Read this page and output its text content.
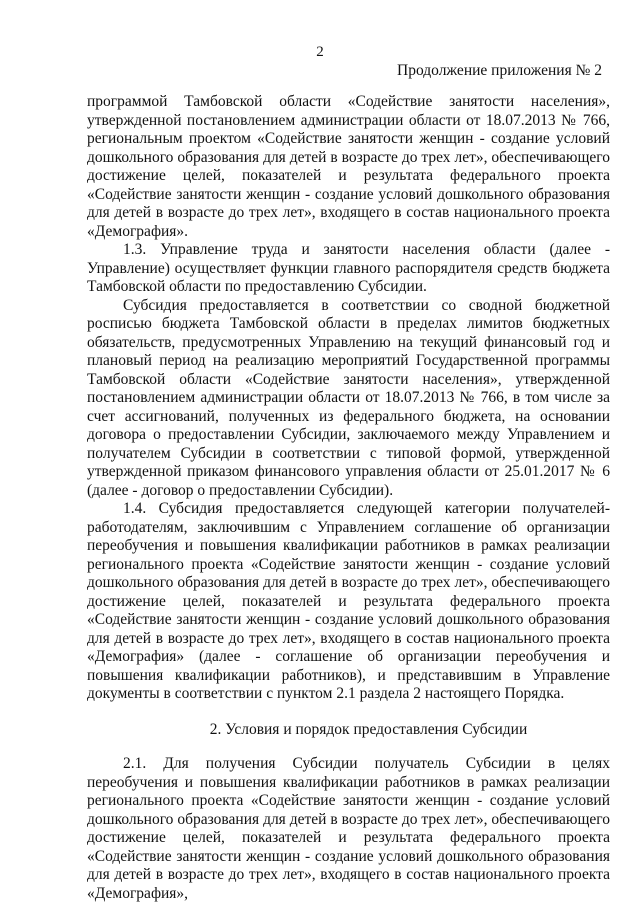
2
Продолжение приложения № 2

программой Тамбовской области «Содействие занятости населения», утвержденной постановлением администрации области от 18.07.2013 № 766, региональным проектом «Содействие занятости женщин - создание условий дошкольного образования для детей в возрасте до трех лет», обеспечивающего достижение целей, показателей и результата федерального проекта «Содействие занятости женщин - создание условий дошкольного образования для детей в возрасте до трех лет», входящего в состав национального проекта «Демография».

1.3. Управление труда и занятости населения области (далее - Управление) осуществляет функции главного распорядителя средств бюджета Тамбовской области по предоставлению Субсидии.

Субсидия предоставляется в соответствии со сводной бюджетной росписью бюджета Тамбовской области в пределах лимитов бюджетных обязательств, предусмотренных Управлению на текущий финансовый год и плановый период на реализацию мероприятий Государственной программы Тамбовской области «Содействие занятости населения», утвержденной постановлением администрации области от 18.07.2013 № 766, в том числе за счет ассигнований, полученных из федерального бюджета, на основании договора о предоставлении Субсидии, заключаемого между Управлением и получателем Субсидии в соответствии с типовой формой, утвержденной утвержденной приказом финансового управления области от 25.01.2017 № 6 (далее - договор о предоставлении Субсидии).

1.4. Субсидия предоставляется следующей категории получателей-работодателям, заключившим с Управлением соглашение об организации переобучения и повышения квалификации работников в рамках реализации регионального проекта «Содействие занятости женщин - создание условий дошкольного образования для детей в возрасте до трех лет», обеспечивающего достижение целей, показателей и результата федерального проекта «Содействие занятости женщин - создание условий дошкольного образования для детей в возрасте до трех лет», входящего в состав национального проекта «Демография» (далее - соглашение об организации переобучения и повышения квалификации работников), и представившим в Управление документы в соответствии с пунктом 2.1 раздела 2 настоящего Порядка.

2. Условия и порядок предоставления Субсидии

2.1. Для получения Субсидии получатель Субсидии в целях переобучения и повышения квалификации работников в рамках реализации регионального проекта «Содействие занятости женщин - создание условий дошкольного образования для детей в возрасте до трех лет», обеспечивающего достижение целей, показателей и результата федерального проекта «Содействие занятости женщин - создание условий дошкольного образования для детей в возрасте до трех лет», входящего в состав национального проекта «Демография»,
